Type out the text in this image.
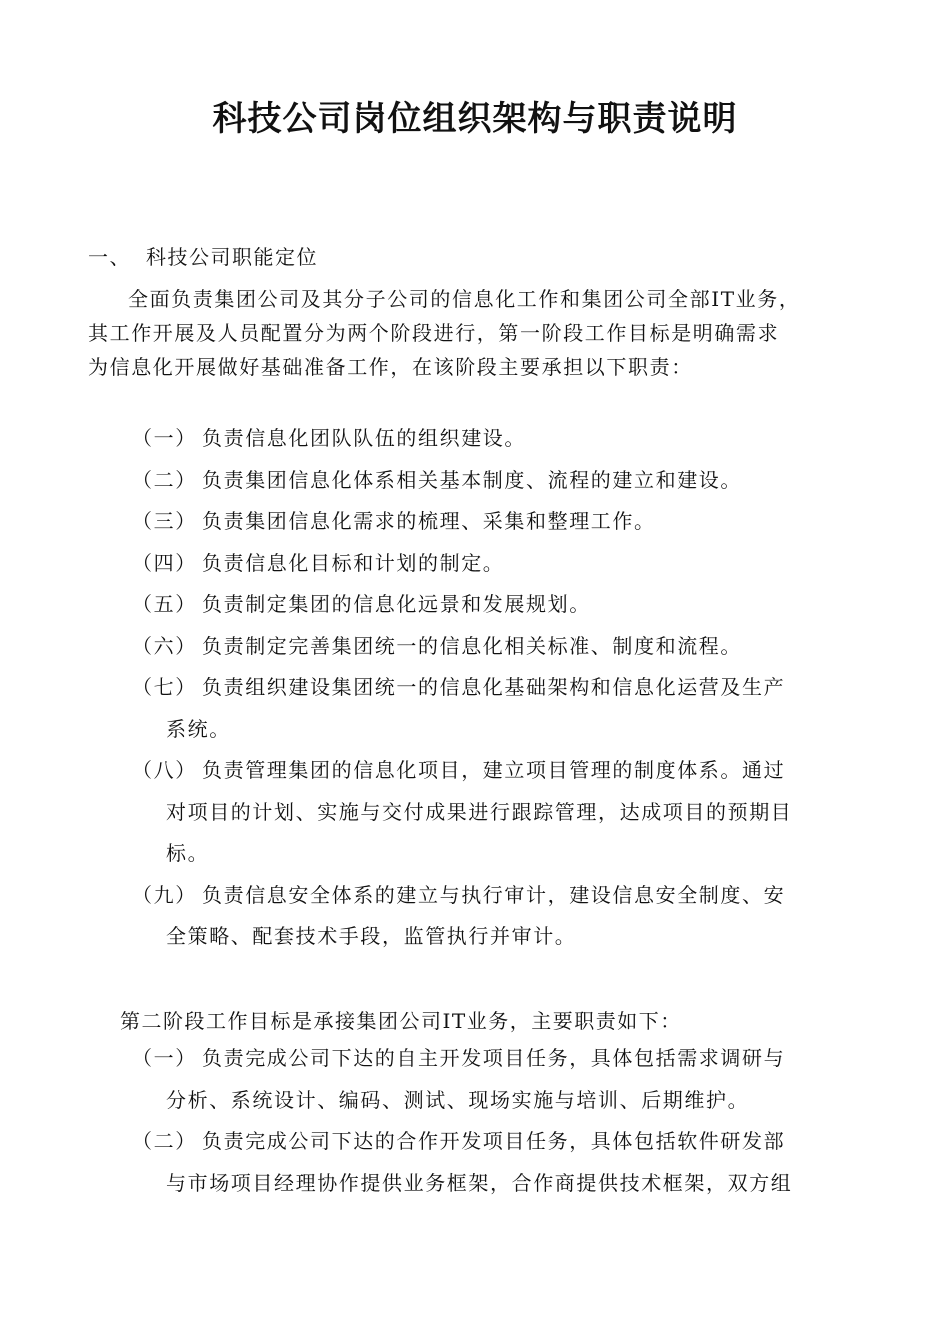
科技公司岗位组织架构与职责说明
一、 科技公司职能定位
全面负责集团公司及其分子公司的信息化工作和集团公司全部IT业务，
其工作开展及人员配置分为两个阶段进行，第一阶段工作目标是明确需求
为信息化开展做好基础准备工作，在该阶段主要承担以下职责：
（一） 负责信息化团队队伍的组织建设。
（二） 负责集团信息化体系相关基本制度、流程的建立和建设。
（三） 负责集团信息化需求的梳理、采集和整理工作。
（四） 负责信息化目标和计划的制定。
（五） 负责制定集团的信息化远景和发展规划。
（六） 负责制定完善集团统一的信息化相关标准、制度和流程。
（七） 负责组织建设集团统一的信息化基础架构和信息化运营及生产
系统。
（八） 负责管理集团的信息化项目，建立项目管理的制度体系。通过
对项目的计划、实施与交付成果进行跟踪管理，达成项目的预期目
标。
（九） 负责信息安全体系的建立与执行审计，建设信息安全制度、安
全策略、配套技术手段，监管执行并审计。
第二阶段工作目标是承接集团公司IT业务，主要职责如下：
（一） 负责完成公司下达的自主开发项目任务，具体包括需求调研与
分析、系统设计、编码、测试、现场实施与培训、后期维护。
（二） 负责完成公司下达的合作开发项目任务，具体包括软件研发部
与市场项目经理协作提供业务框架，合作商提供技术框架，双方组
